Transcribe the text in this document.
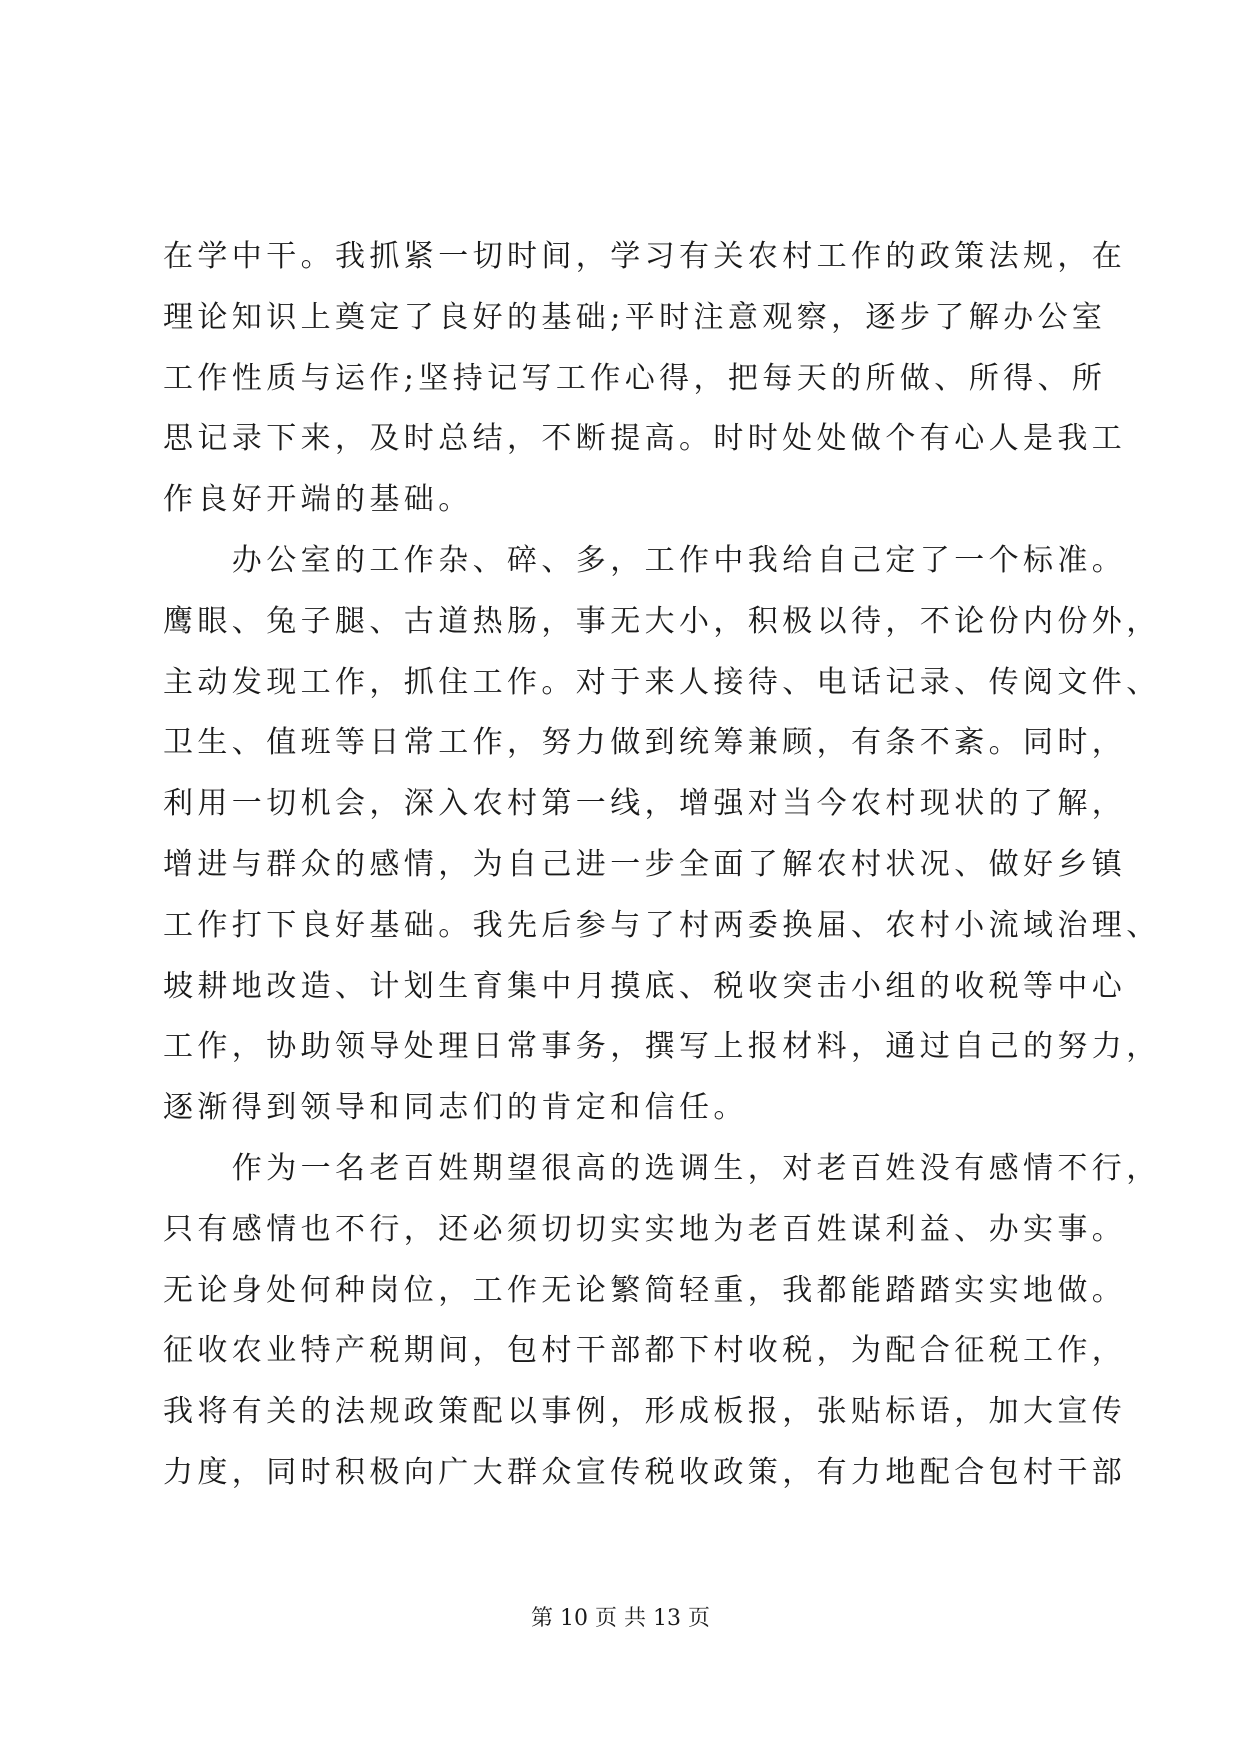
在学中干。我抓紧一切时间，学习有关农村工作的政策法规，在
理论知识上奠定了良好的基础;平时注意观察，逐步了解办公室
工作性质与运作;坚持记写工作心得，把每天的所做、所得、所
思记录下来，及时总结，不断提高。时时处处做个有心人是我工
作良好开端的基础。
　　办公室的工作杂、碎、多，工作中我给自己定了一个标准。
鹰眼、兔子腿、古道热肠，事无大小，积极以待，不论份内份外，
主动发现工作，抓住工作。对于来人接待、电话记录、传阅文件、
卫生、值班等日常工作，努力做到统筹兼顾，有条不紊。同时，
利用一切机会，深入农村第一线，增强对当今农村现状的了解，
增进与群众的感情，为自己进一步全面了解农村状况、做好乡镇
工作打下良好基础。我先后参与了村两委换届、农村小流域治理、
坡耕地改造、计划生育集中月摸底、税收突击小组的收税等中心
工作，协助领导处理日常事务，撰写上报材料，通过自己的努力，
逐渐得到领导和同志们的肯定和信任。
　　作为一名老百姓期望很高的选调生，对老百姓没有感情不行，
只有感情也不行，还必须切切实实地为老百姓谋利益、办实事。
无论身处何种岗位，工作无论繁简轻重，我都能踏踏实实地做。
征收农业特产税期间，包村干部都下村收税，为配合征税工作，
我将有关的法规政策配以事例，形成板报，张贴标语，加大宣传
力度，同时积极向广大群众宣传税收政策，有力地配合包村干部
第 10 页 共 13 页
